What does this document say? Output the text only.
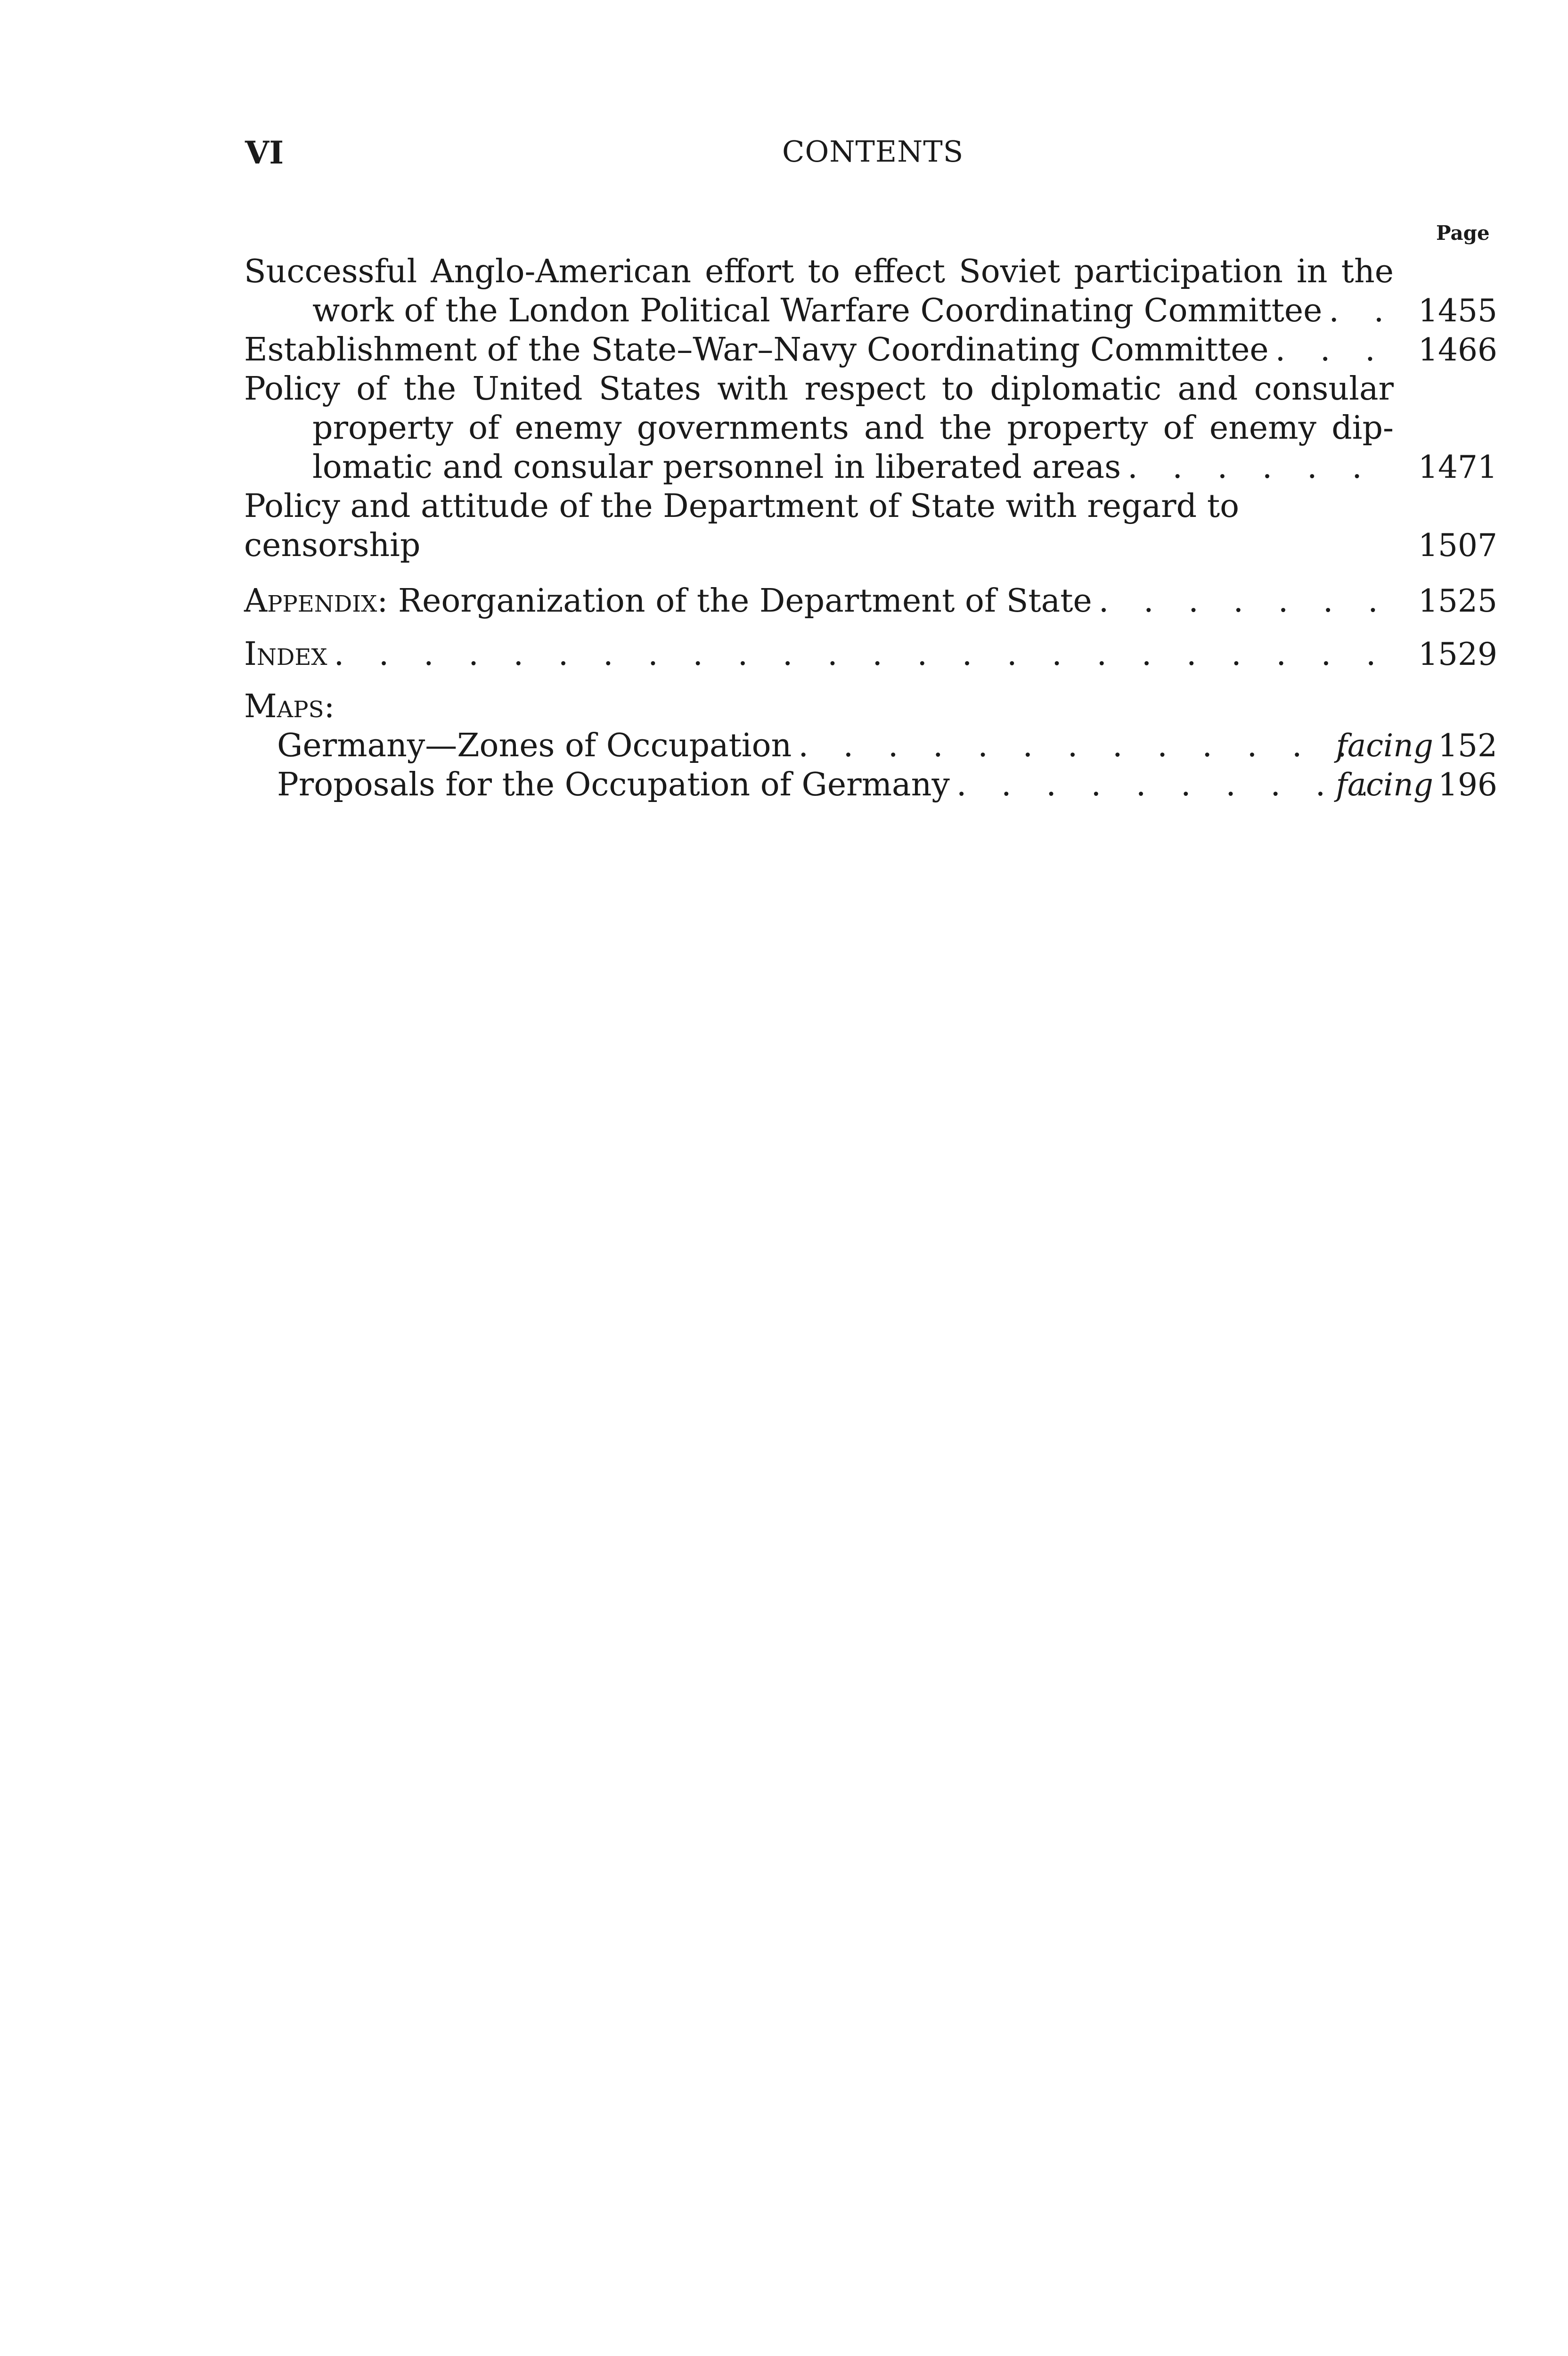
VI	CONTENTS
Page
Successful Anglo-American effort to effect Soviet participation in the
work of the London Political Warfare Coordinating Committee . . .	1455
Establishment of the State–War–Navy Coordinating Committee . . .	1466
Policy of the United States with respect to diplomatic and consular
property of enemy governments and the property of enemy dip-
lomatic and consular personnel in liberated areas . . .	1471
Policy and attitude of the Department of State with regard to censorship	1507
Appendix:
Reorganization of the Department of State . . .	1525
Index . . .	1529
Maps:
Germany—Zones of Occupation . . .	facing 152
Proposals for the Occupation of Germany . . .	facing 196
